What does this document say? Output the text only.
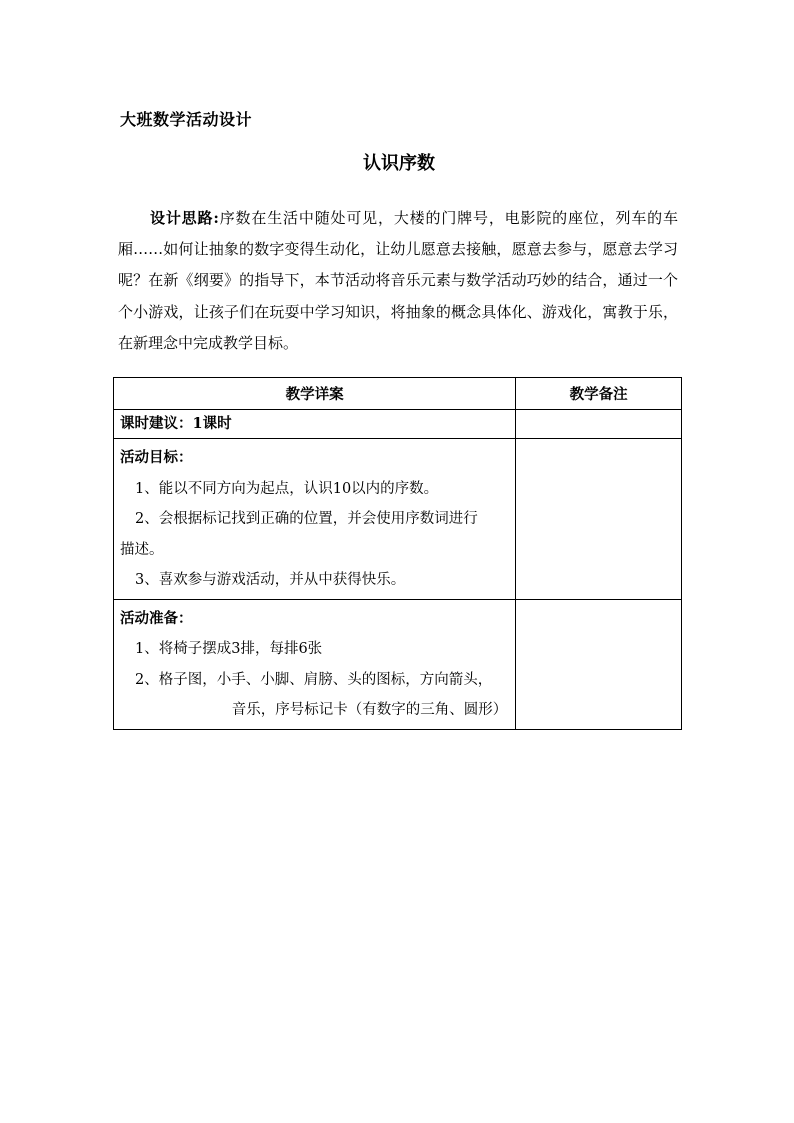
大班数学活动设计
认识序数

设计思路:序数在生活中随处可见，大楼的门牌号，电影院的座位，列车的车厢……如何让抽象的数字变得生动化，让幼儿愿意去接触，愿意去参与，愿意去学习呢？在新《纲要》的指导下，本节活动将音乐元素与数学活动巧妙的结合，通过一个个小游戏，让孩子们在玩耍中学习知识，将抽象的概念具体化、游戏化，寓教于乐，在新理念中完成教学目标。

教学详案	教学备注

课时建议：1课时	

活动目标：
1、能以不同方向为起点，认识10以内的序数。
2、会根据标记找到正确的位置，并会使用序数词进行
描述。
3、喜欢参与游戏活动，并从中获得快乐。	

活动准备：
1、将椅子摆成3排，每排6张
2、格子图，小手、小脚、肩膀、头的图标，方向箭头，
音乐，序号标记卡（有数字的三角、圆形）	
